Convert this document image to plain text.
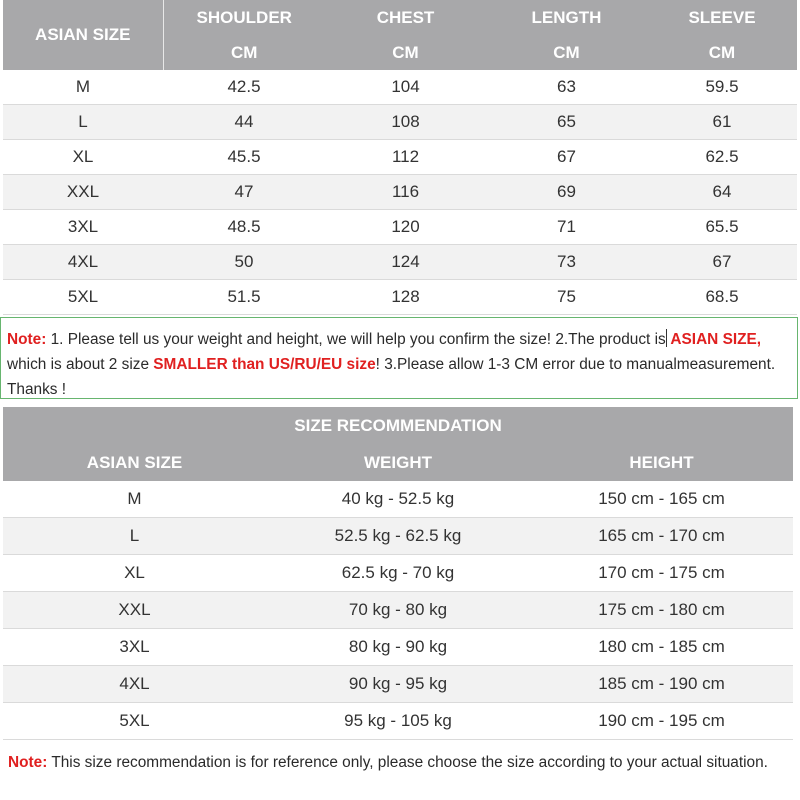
ASIAN SIZE	SHOULDER	CHEST	LENGTH	SLEEVE
	CM	CM	CM	CM
M	42.5	104	63	59.5
L	44	108	65	61
XL	45.5	112	67	62.5
XXL	47	116	69	64
3XL	48.5	120	71	65.5
4XL	50	124	73	67
5XL	51.5	128	75	68.5
Note: 1. Please tell us your weight and height, we will help you confirm the size! 2.The product is ASIAN SIZE, which is about 2 size SMALLER than US/RU/EU size! 3.Please allow 1-3 CM error due to manualmeasurement. Thanks !
SIZE RECOMMENDATION		
ASIAN SIZE	WEIGHT	HEIGHT
M	40 kg - 52.5 kg	150 cm - 165 cm
L	52.5 kg - 62.5 kg	165 cm - 170 cm
XL	62.5 kg - 70 kg	170 cm - 175 cm
XXL	70 kg - 80 kg	175 cm - 180 cm
3XL	80 kg - 90 kg	180 cm - 185 cm
4XL	90 kg - 95 kg	185 cm - 190 cm
5XL	95 kg - 105 kg	190 cm - 195 cm
Note: This size recommendation is for reference only, please choose the size according to your actual situation.
